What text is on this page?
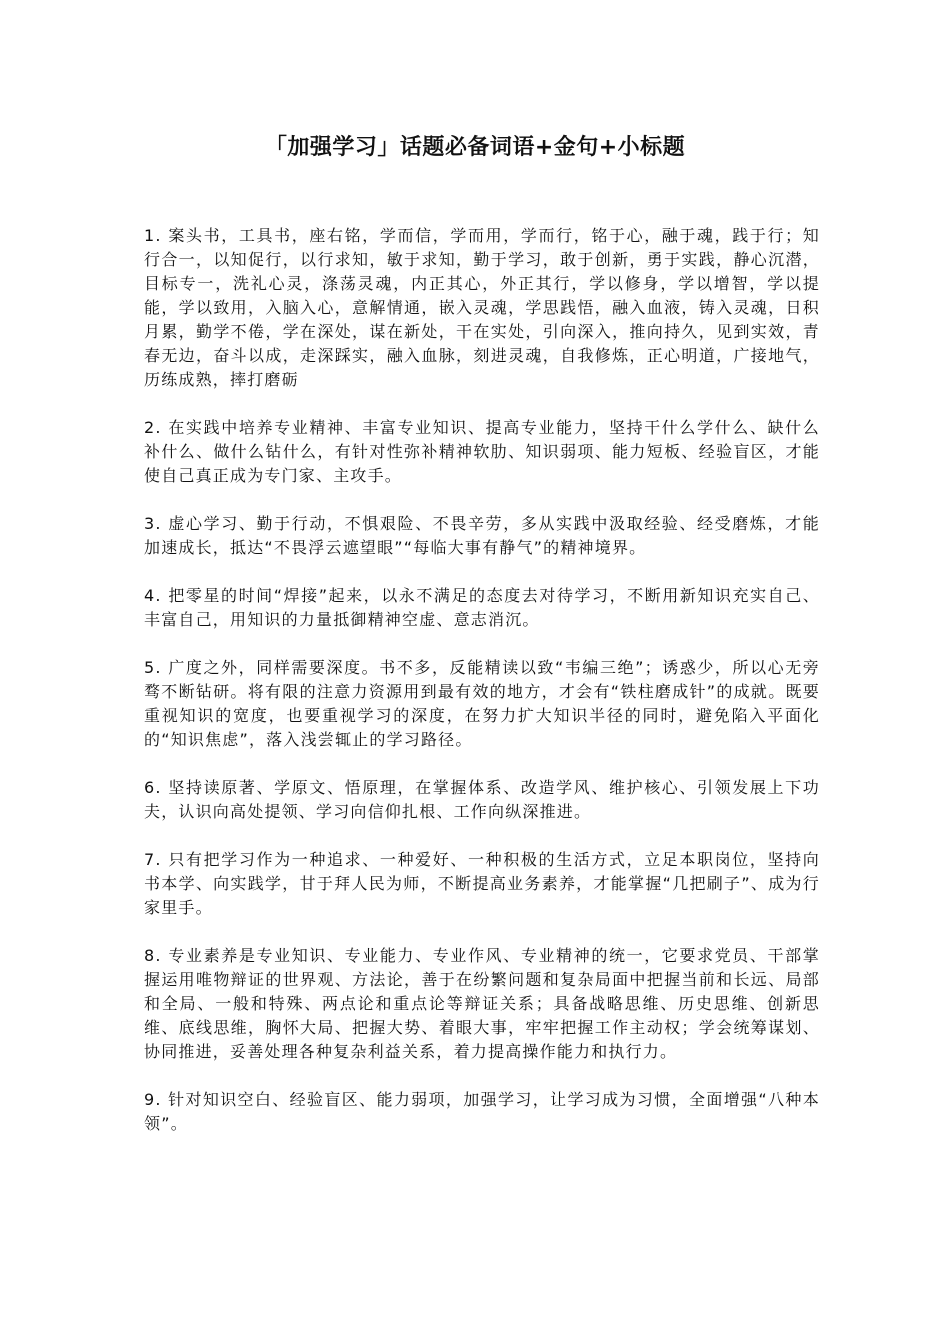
「加强学习」话题必备词语+金句+小标题

1. 案头书，工具书，座右铭，学而信，学而用，学而行，铭于心，融于魂，践于行；知行合一，以知促行，以行求知，敏于求知，勤于学习，敢于创新，勇于实践，静心沉潜，目标专一，洗礼心灵，涤荡灵魂，内正其心，外正其行，学以修身，学以增智，学以提能，学以致用，入脑入心，意解情通，嵌入灵魂，学思践悟，融入血液，铸入灵魂，日积月累，勤学不倦，学在深处，谋在新处，干在实处，引向深入，推向持久，见到实效，青春无边，奋斗以成，走深踩实，融入血脉，刻进灵魂，自我修炼，正心明道，广接地气，历练成熟，摔打磨砺

2. 在实践中培养专业精神、丰富专业知识、提高专业能力，坚持干什么学什么、缺什么补什么、做什么钻什么，有针对性弥补精神软肋、知识弱项、能力短板、经验盲区，才能使自己真正成为专门家、主攻手。

3. 虚心学习、勤于行动，不惧艰险、不畏辛劳，多从实践中汲取经验、经受磨炼，才能加速成长，抵达“不畏浮云遮望眼”“每临大事有静气”的精神境界。

4. 把零星的时间“焊接”起来，以永不满足的态度去对待学习，不断用新知识充实自己、丰富自己，用知识的力量抵御精神空虚、意志消沉。

5. 广度之外，同样需要深度。书不多，反能精读以致“韦编三绝”；诱惑少，所以心无旁骛不断钻研。将有限的注意力资源用到最有效的地方，才会有“铁柱磨成针”的成就。既要重视知识的宽度，也要重视学习的深度，在努力扩大知识半径的同时，避免陷入平面化的“知识焦虑”，落入浅尝辄止的学习路径。

6. 坚持读原著、学原文、悟原理，在掌握体系、改造学风、维护核心、引领发展上下功夫，认识向高处提领、学习向信仰扎根、工作向纵深推进。

7. 只有把学习作为一种追求、一种爱好、一种积极的生活方式，立足本职岗位，坚持向书本学、向实践学，甘于拜人民为师，不断提高业务素养，才能掌握“几把刷子”、成为行家里手。

8. 专业素养是专业知识、专业能力、专业作风、专业精神的统一，它要求党员、干部掌握运用唯物辩证的世界观、方法论，善于在纷繁问题和复杂局面中把握当前和长远、局部和全局、一般和特殊、两点论和重点论等辩证关系；具备战略思维、历史思维、创新思维、底线思维，胸怀大局、把握大势、着眼大事，牢牢把握工作主动权；学会统筹谋划、协同推进，妥善处理各种复杂利益关系，着力提高操作能力和执行力。

9. 针对知识空白、经验盲区、能力弱项，加强学习，让学习成为习惯，全面增强“八种本领”。
